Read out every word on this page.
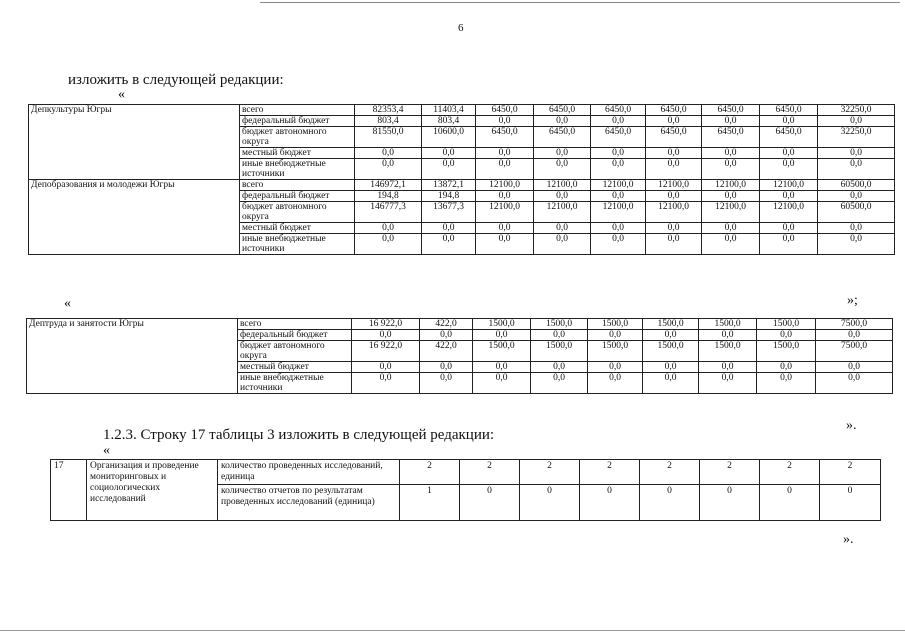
6
изложить в следующей редакции:
«
Депкультуры Югры	всего	82353,4	11403,4	6450,0	6450,0	6450,0	6450,0	6450,0	6450,0	32250,0
	федеральный бюджет	803,4	803,4	0,0	0,0	0,0	0,0	0,0	0,0	0,0
	бюджет автономного округа	81550,0	10600,0	6450,0	6450,0	6450,0	6450,0	6450,0	6450,0	32250,0
	местный бюджет	0,0	0,0	0,0	0,0	0,0	0,0	0,0	0,0	0,0
	иные внебюджетные источники	0,0	0,0	0,0	0,0	0,0	0,0	0,0	0,0	0,0
Депобразования и молодежи Югры	всего	146972,1	13872,1	12100,0	12100,0	12100,0	12100,0	12100,0	12100,0	60500,0
	федеральный бюджет	194,8	194,8	0,0	0,0	0,0	0,0	0,0	0,0	0,0
	бюджет автономного округа	146777,3	13677,3	12100,0	12100,0	12100,0	12100,0	12100,0	12100,0	60500,0
	местный бюджет	0,0	0,0	0,0	0,0	0,0	0,0	0,0	0,0	0,0
	иные внебюджетные источники	0,0	0,0	0,0	0,0	0,0	0,0	0,0	0,0	0,0
«	»;
Дептруда и занятости Югры	всего	16 922,0	422,0	1500,0	1500,0	1500,0	1500,0	1500,0	1500,0	7500,0
	федеральный бюджет	0,0	0,0	0,0	0,0	0,0	0,0	0,0	0,0	0,0
	бюджет автономного округа	16 922,0	422,0	1500,0	1500,0	1500,0	1500,0	1500,0	1500,0	7500,0
	местный бюджет	0,0	0,0	0,0	0,0	0,0	0,0	0,0	0,0	0,0
	иные внебюджетные источники	0,0	0,0	0,0	0,0	0,0	0,0	0,0	0,0	0,0
».
1.2.3. Строку 17 таблицы 3 изложить в следующей редакции:
«
17	Организация и проведение мониторинговых и социологических исследований	количество проведенных исследований, единица	2	2	2	2	2	2	2	2
		количество отчетов по результатам проведенных исследований (единица)	1	0	0	0	0	0	0	0
».
